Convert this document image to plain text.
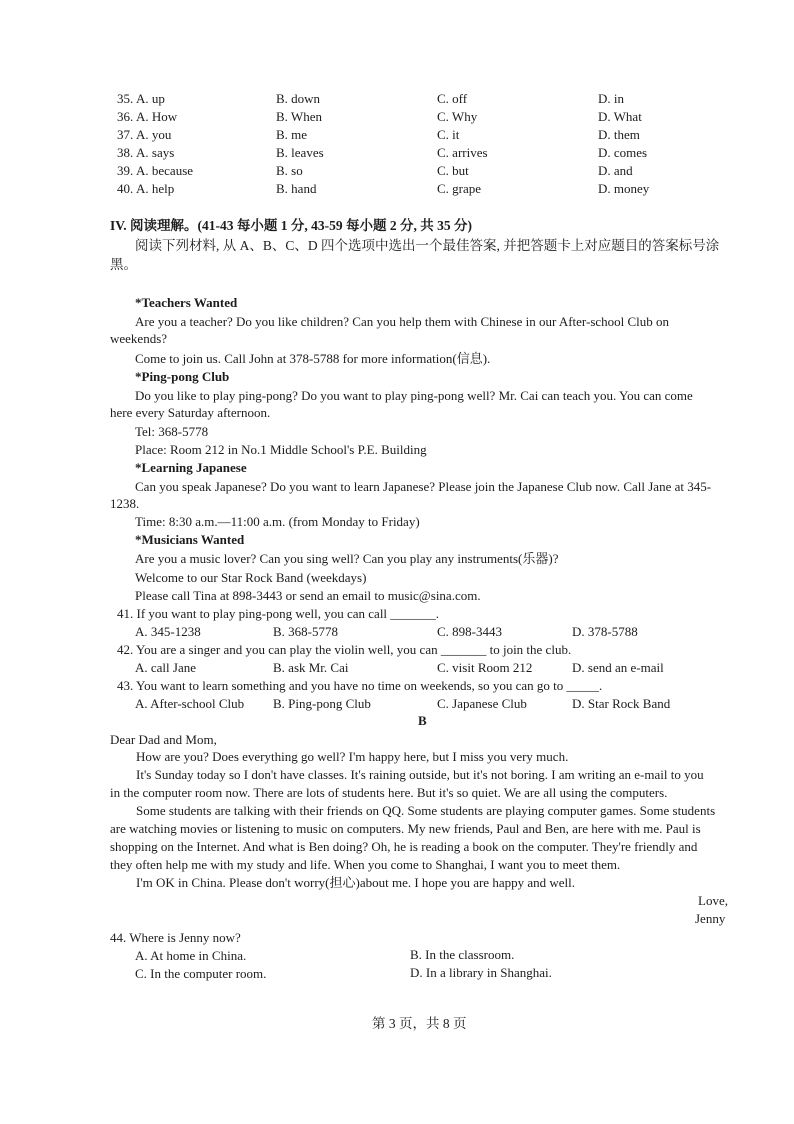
35. A. up	B. down	C. off	D. in
36. A. How	B. When	C. Why	D. What
37. A. you	B. me	C. it	D. them
38. A. says	B. leaves	C. arrives	D. comes
39. A. because	B. so	C. but	D. and
40. A. help	B. hand	C. grape	D. money
IV. 阅读理解。(41-43 每小题 1 分, 43-59 每小题 2 分, 共 35 分)
阅读下列材料, 从 A、B、C、D 四个选项中选出一个最佳答案, 并把答题卡上对应题目的答案标号涂
黑。
*Teachers Wanted
Are you a teacher? Do you like children? Can you help them with Chinese in our After-school Club on
weekends?
Come to join us. Call John at 378-5788 for more information(信息).
*Ping-pong Club
Do you like to play ping-pong? Do you want to play ping-pong well? Mr. Cai can teach you. You can come
here every Saturday afternoon.
Tel: 368-5778
Place: Room 212 in No.1 Middle School's P.E. Building
*Learning Japanese
Can you speak Japanese? Do you want to learn Japanese? Please join the Japanese Club now. Call Jane at 345-
1238.
Time: 8:30 a.m.—11:00 a.m. (from Monday to Friday)
*Musicians Wanted
Are you a music lover? Can you sing well? Can you play any instruments(乐器)?
Welcome to our Star Rock Band (weekdays)
Please call Tina at 898-3443 or send an email to music@sina.com.
41. If you want to play ping-pong well, you can call _______.
A. 345-1238	B. 368-5778	C. 898-3443	D. 378-5788
42. You are a singer and you can play the violin well, you can _______ to join the club.
A. call Jane	B. ask Mr. Cai	C. visit Room 212	D. send an e-mail
43. You want to learn something and you have no time on weekends, so you can go to _____.
A. After-school Club B. Ping-pong Club	C. Japanese Club	D. Star Rock Band
B
Dear Dad and Mom,
How are you? Does everything go well? I'm happy here, but I miss you very much.
It's Sunday today so I don't have classes. It's raining outside, but it's not boring. I am writing an e-mail to you
in the computer room now. There are lots of students here. But it's so quiet. We are all using the computers.
Some students are talking with their friends on QQ. Some students are playing computer games. Some students
are watching movies or listening to music on computers. My new friends, Paul and Ben, are here with me. Paul is
shopping on the Internet. And what is Ben doing? Oh, he is reading a book on the computer. They're friendly and
they often help me with my study and life. When you come to Shanghai, I want you to meet them.
I'm OK in China. Please don't worry(担心)about me. I hope you are happy and well.
Love,
Jenny
44. Where is Jenny now?
A. At home in China.	B. In the classroom.
C. In the computer room.	D. In a library in Shanghai.
第 3 页，共 8 页
